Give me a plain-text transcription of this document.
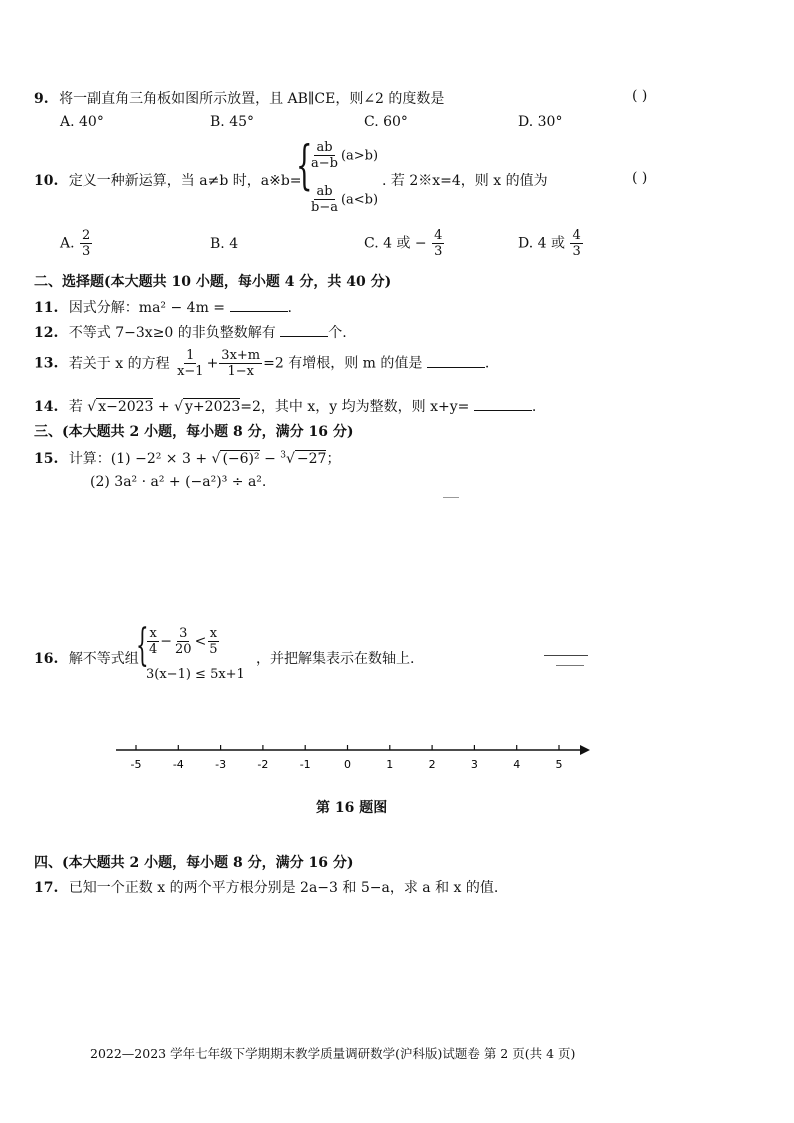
9. 将一副直角三角板如图所示放置，且 AB∥CE，则∠2 的度数是	( )
A. 40°	B. 45°	C. 60°	D. 30°
10. 定义一种新运算，当 a≠b 时，a※b=
{
$\frac{ab}{a-b} (a>b)$
$\frac{ab}{b-a} (a<b)$
. 若 2※x=4，则 x 的值为	( )
A. $\frac{2}{3}$	B. 4	C. 4 或 − $\frac{4}{3}$	D. 4 或 $\frac{4}{3}$
二、选择题(本大题共 10 小题，每小题 4 分，共 40 分)
11. 因式分解：ma² − 4m =	.
12. 不等式 7−3x≥0 的非负整数解有	个.
13. 若关于 x 的方程 $\frac{1}{x-1} + \frac{3x+m}{1-x} =2$ 有增根，则 m 的值是	.
14. 若 √ x−2023 + √ y+2023=2，其中 x，y 均为整数，则 x+y=	.
三、(本大题共 2 小题，每小题 8 分，满分 16 分)
15. 计算：(1) −2² × 3 + √ (−6)² − $^3$√ −27；
(2) 3a² · a² + (−a²)³ ÷ a².
16. 解不等式组
{
$\frac{x}{4} - \frac{3}{20} < \frac{x}{5}$
3(x−1) ≤ 5x+1
，并把解集表示在数轴上.
-5	-4	-3	-2	-1	0	1	2	3	4	5
第 16 题图
四、(本大题共 2 小题，每小题 8 分，满分 16 分)
17. 已知一个正数 x 的两个平方根分别是 2a−3 和 5−a，求 a 和 x 的值.
2022—2023 学年七年级下学期期末教学质量调研数学(沪科版)试题卷 第 2 页(共 4 页)
